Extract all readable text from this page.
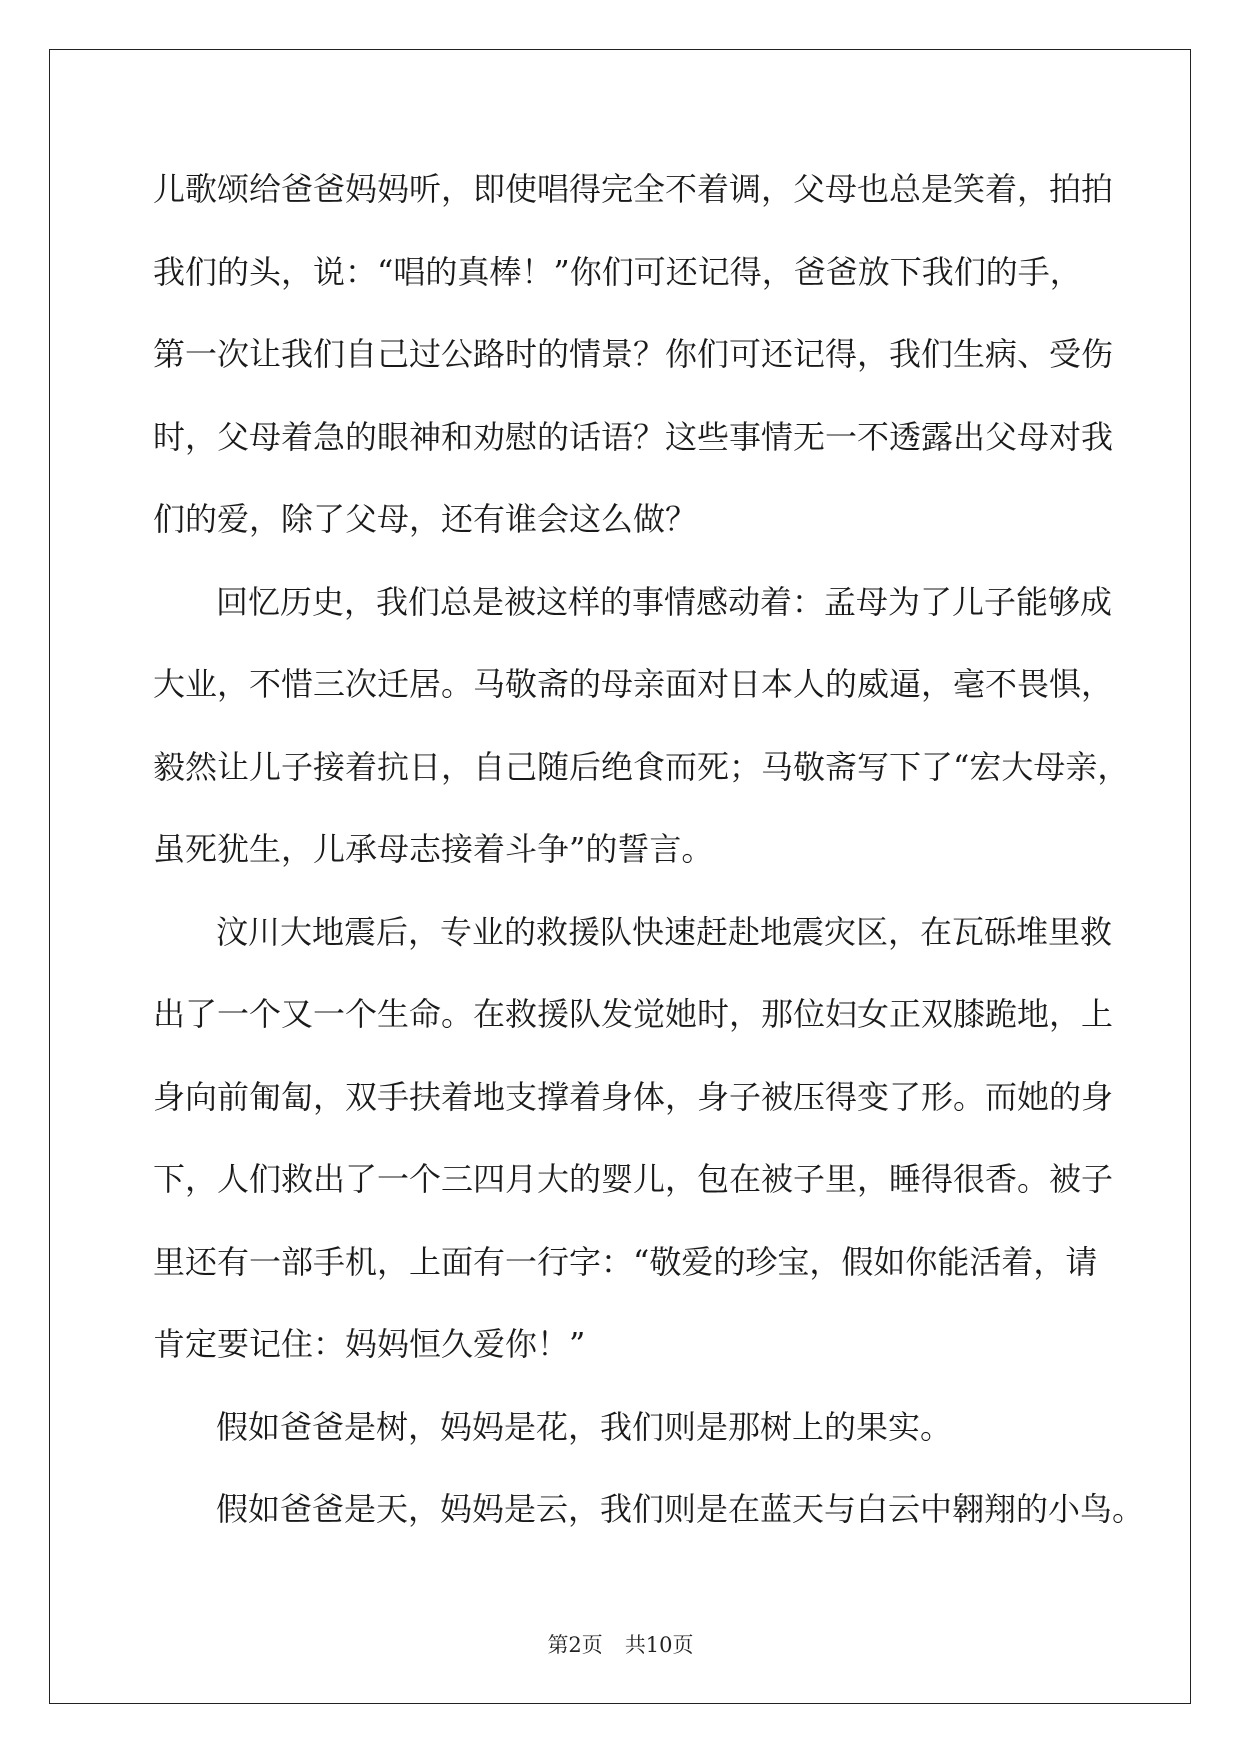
儿歌颂给爸爸妈妈听，即使唱得完全不着调，父母也总是笑着，拍拍
我们的头，说：“唱的真棒！”你们可还记得，爸爸放下我们的手，
第一次让我们自己过公路时的情景？你们可还记得，我们生病、受伤
时，父母着急的眼神和劝慰的话语？这些事情无一不透露出父母对我
们的爱，除了父母，还有谁会这么做？
回忆历史，我们总是被这样的事情感动着：孟母为了儿子能够成
大业，不惜三次迁居。马敬斋的母亲面对日本人的威逼，毫不畏惧，
毅然让儿子接着抗日，自己随后绝食而死；马敬斋写下了“宏大母亲，
虽死犹生，儿承母志接着斗争”的誓言。
汶川大地震后，专业的救援队快速赶赴地震灾区，在瓦砾堆里救
出了一个又一个生命。在救援队发觉她时，那位妇女正双膝跪地，上
身向前匍匐，双手扶着地支撑着身体，身子被压得变了形。而她的身
下，人们救出了一个三四月大的婴儿，包在被子里，睡得很香。被子
里还有一部手机，上面有一行字：“敬爱的珍宝，假如你能活着，请
肯定要记住：妈妈恒久爱你！”
假如爸爸是树，妈妈是花，我们则是那树上的果实。
假如爸爸是天，妈妈是云，我们则是在蓝天与白云中翱翔的小鸟。
第2页 共10页
